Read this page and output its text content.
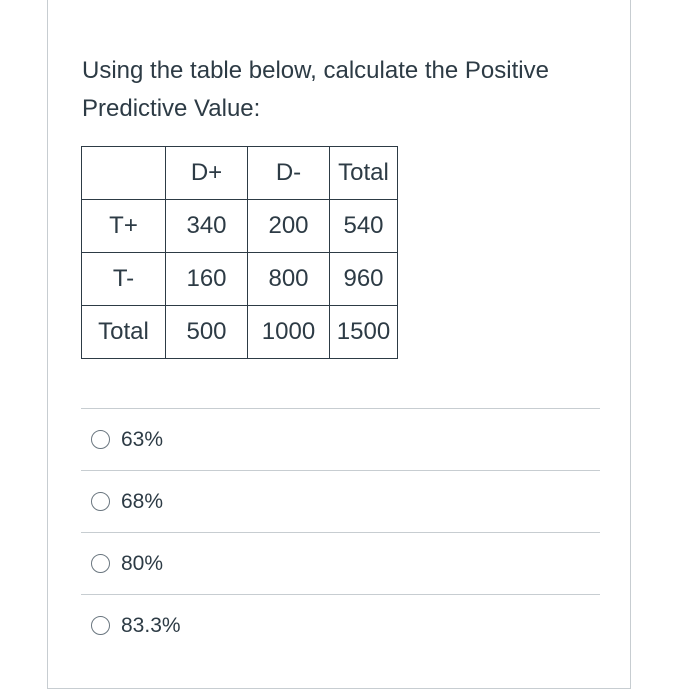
Using the table below, calculate the Positive Predictive Value:
	D+	D-	Total
T+	340	200	540
T-	160	800	960
Total	500	1000	1500
63%
68%
80%
83.3%
